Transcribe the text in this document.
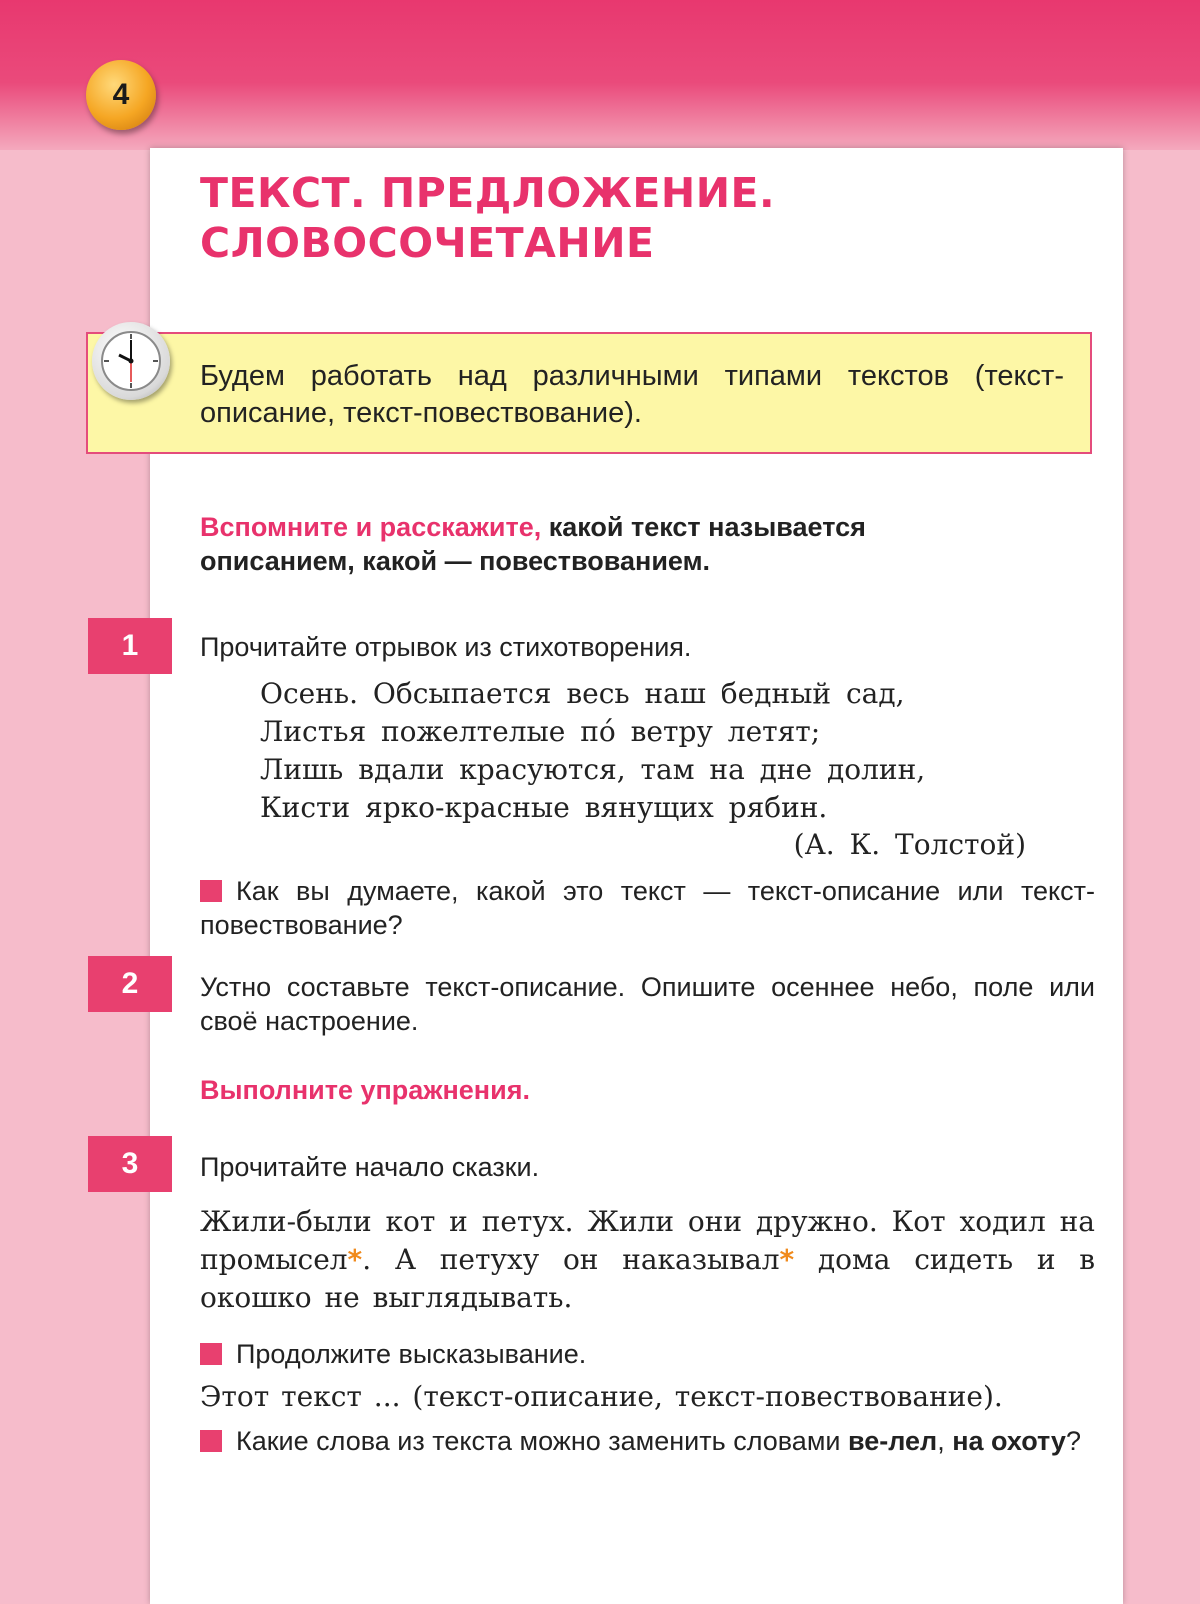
4
ТЕКСТ. ПРЕДЛОЖЕНИЕ.
СЛОВОСОЧЕТАНИЕ
Будем работать над различными типами текстов (текст-описание, текст-повествование).
Вспомните и расскажите, какой текст называется
описанием, какой — повествованием.
1	Прочитайте отрывок из стихотворения.
Осень. Обсыпается весь наш бедный сад,
Листья пожелтелые по́ ветру летят;
Лишь вдали красуются, там на дне долин,
Кисти ярко-красные вянущих рябин.
(А. К. Толстой)
Как вы думаете, какой это текст — текст-описание или текст-повествование?
2	Устно составьте текст-описание. Опишите осеннее небо, поле или своё настроение.
Выполните упражнения.
3	Прочитайте начало сказки.
Жили-были кот и петух. Жили они дружно. Кот ходил на промысел*. А петуху он наказывал* дома сидеть и в окошко не выглядывать.
Продолжите высказывание.
Этот текст ... (текст-описание, текст-повествование).
Какие слова из текста можно заменить словами ве-лел, на охоту?
